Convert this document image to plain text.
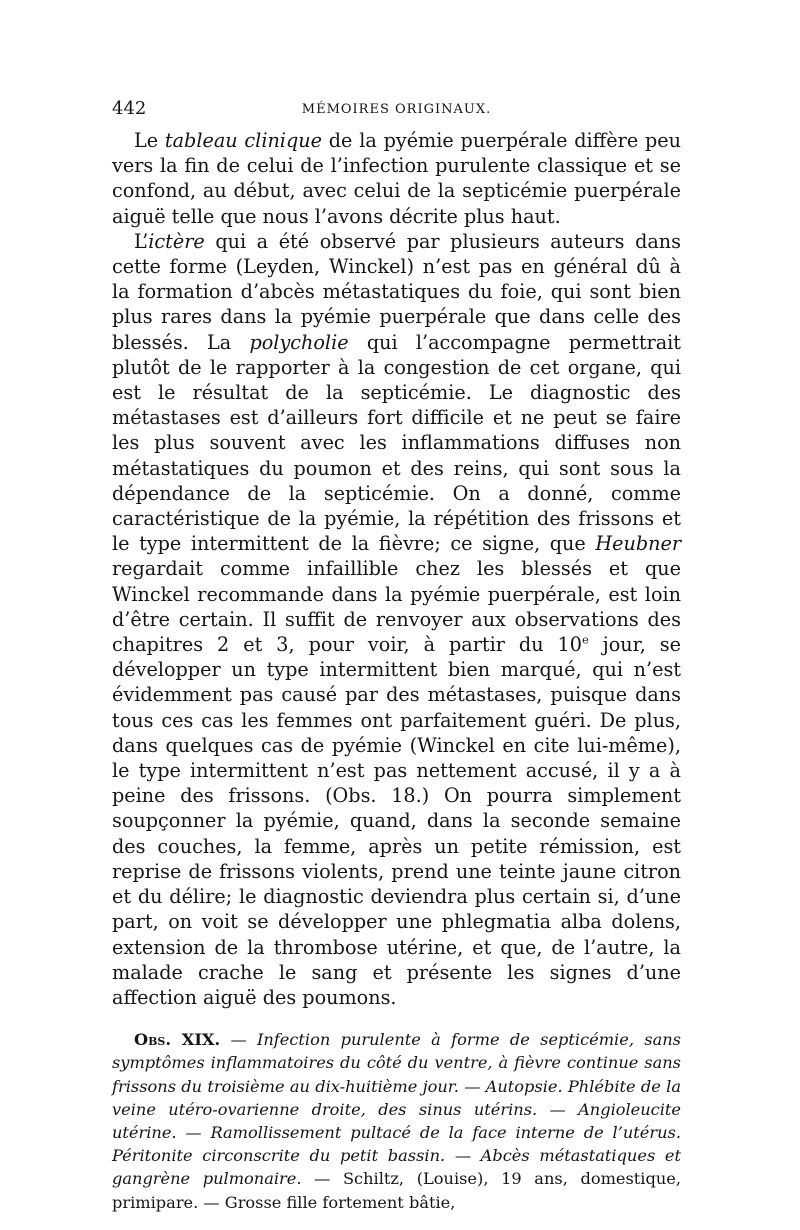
442	MÉMOIRES ORIGINAUX.

Le tableau clinique de la pyémie puerpérale diffère peu vers la fin de celui de l’infection purulente classique et se confond, au début, avec celui de la septicémie puerpérale aiguë telle que nous l’avons décrite plus haut.

L’ictère qui a été observé par plusieurs auteurs dans cette forme (Leyden, Winckel) n’est pas en général dû à la formation d’abcès métastatiques du foie, qui sont bien plus rares dans la pyémie puerpérale que dans celle des blessés. La polycholie qui l’accompagne permettrait plutôt de le rapporter à la congestion de cet organe, qui est le résultat de la septicémie. Le diagnostic des métastases est d’ailleurs fort difficile et ne peut se faire les plus souvent avec les inflammations diffuses non métastatiques du poumon et des reins, qui sont sous la dépendance de la septicémie. On a donné, comme caractéristique de la pyémie, la répétition des frissons et le type intermittent de la fièvre; ce signe, que Heubner regardait comme infaillible chez les blessés et que Winckel recommande dans la pyémie puerpérale, est loin d’être certain. Il suffit de renvoyer aux observations des chapitres 2 et 3, pour voir, à partir du 10e jour, se développer un type intermittent bien marqué, qui n’est évidemment pas causé par des métastases, puisque dans tous ces cas les femmes ont parfaitement guéri. De plus, dans quelques cas de pyémie (Winckel en cite lui-même), le type intermittent n’est pas nettement accusé, il y a à peine des frissons. (Obs. 18.) On pourra simplement soupçonner la pyémie, quand, dans la seconde semaine des couches, la femme, après un petite rémission, est reprise de frissons violents, prend une teinte jaune citron et du délire; le diagnostic deviendra plus certain si, d’une part, on voit se développer une phlegmatia alba dolens, extension de la thrombose utérine, et que, de l’autre, la malade crache le sang et présente les signes d’une affection aiguë des poumons.

Obs. XIX. — Infection purulente à forme de septicémie, sans symptômes inflammatoires du côté du ventre, à fièvre continue sans frissons du troisième au dix-huitième jour. — Autopsie. Phlébite de la veine utéro-ovarienne droite, des sinus utérins. — Angioleucite utérine. — Ramollissement pultacé de la face interne de l’utérus. Péritonite circonscrite du petit bassin. — Abcès métastatiques et gangrène pulmonaire. — Schiltz, (Louise), 19 ans, domestique, primipare. — Grosse fille fortement bâtie,
